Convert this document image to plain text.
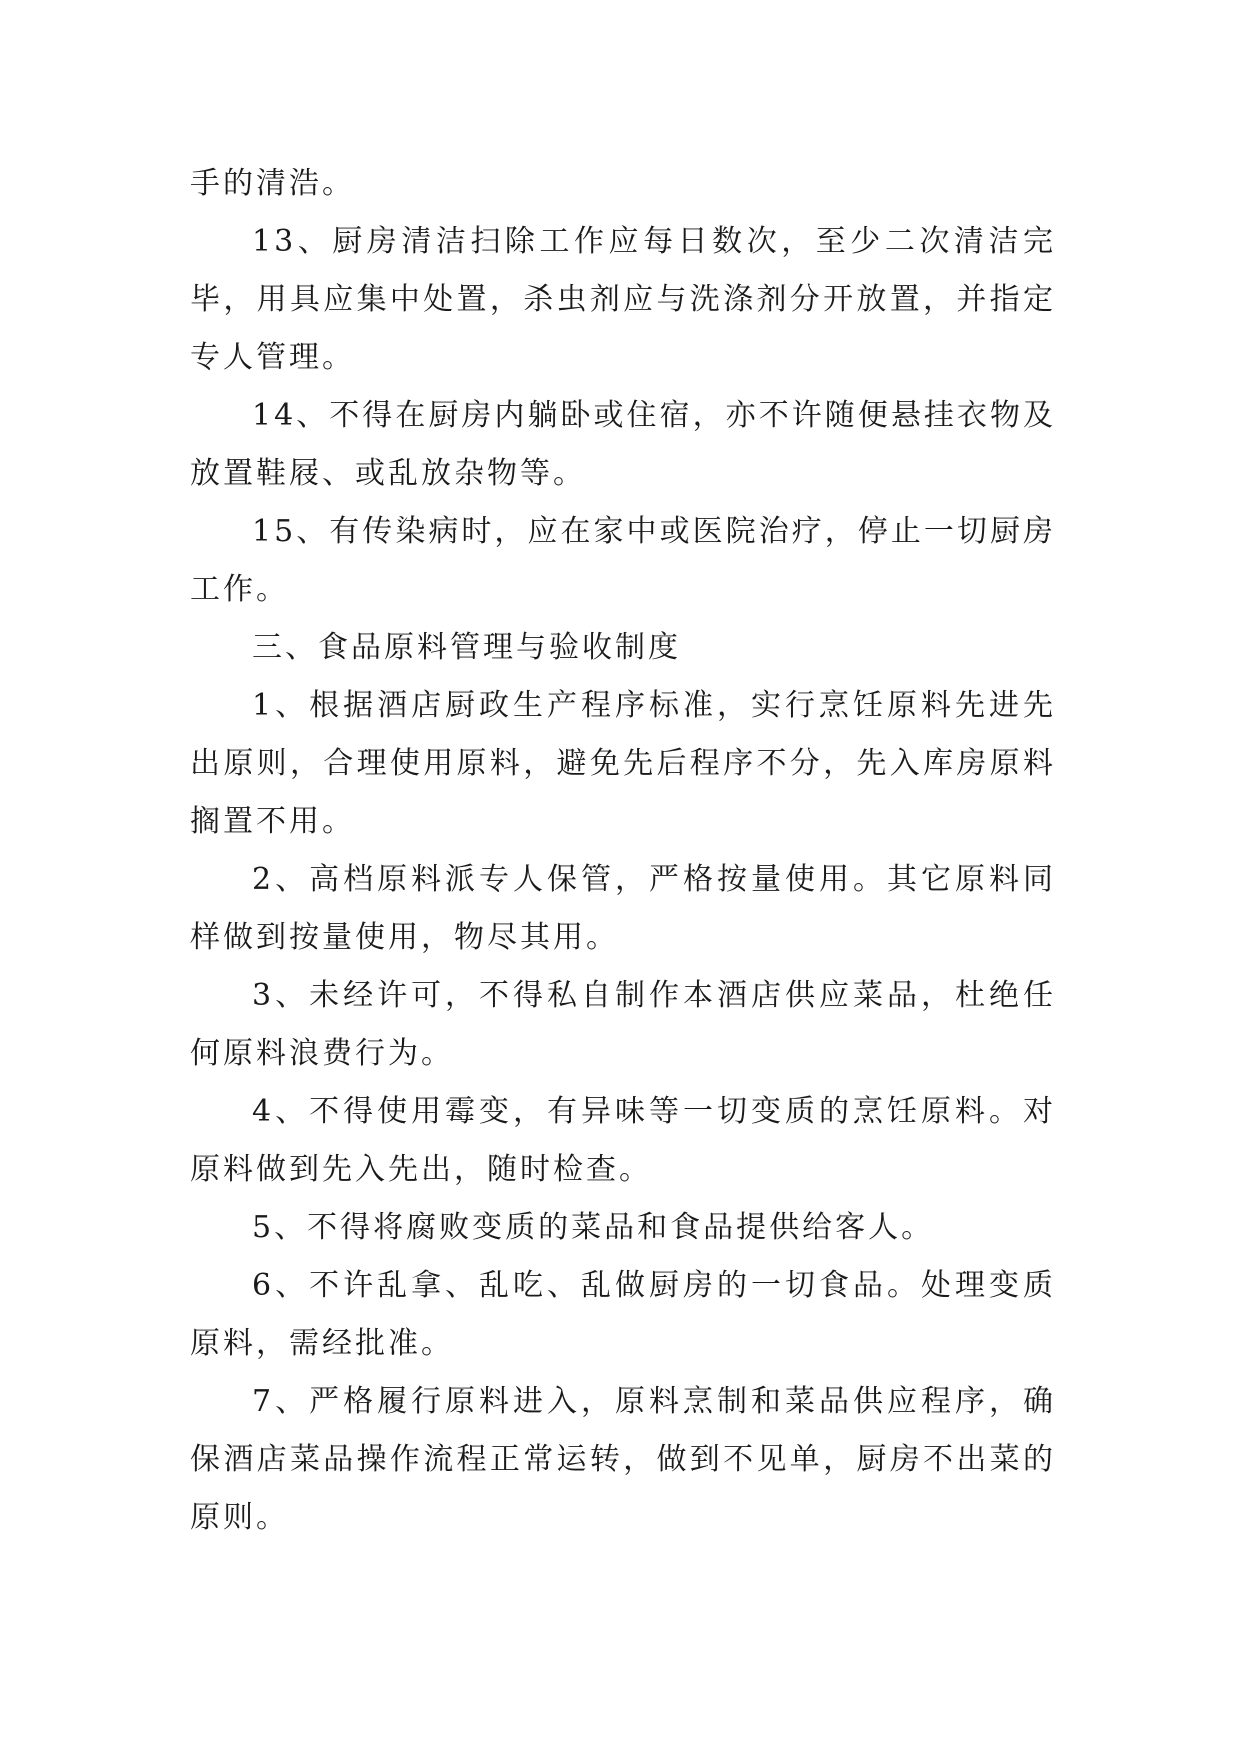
手的清浩。

13、厨房清洁扫除工作应每日数次，至少二次清洁完毕，用具应集中处置，杀虫剂应与洗涤剂分开放置，并指定专人管理。

14、不得在厨房内躺卧或住宿，亦不许随便悬挂衣物及放置鞋屐、或乱放杂物等。

15、有传染病时，应在家中或医院治疗，停止一切厨房工作。

三、食品原料管理与验收制度

1、根据酒店厨政生产程序标准，实行烹饪原料先进先出原则，合理使用原料，避免先后程序不分，先入库房原料搁置不用。

2、高档原料派专人保管，严格按量使用。其它原料同样做到按量使用，物尽其用。

3、未经许可，不得私自制作本酒店供应菜品，杜绝任何原料浪费行为。

4、不得使用霉变，有异味等一切变质的烹饪原料。对原料做到先入先出，随时检查。

5、不得将腐败变质的菜品和食品提供给客人。

6、不许乱拿、乱吃、乱做厨房的一切食品。处理变质原料，需经批准。

7、严格履行原料进入，原料烹制和菜品供应程序，确保酒店菜品操作流程正常运转，做到不见单，厨房不出菜的原则。
